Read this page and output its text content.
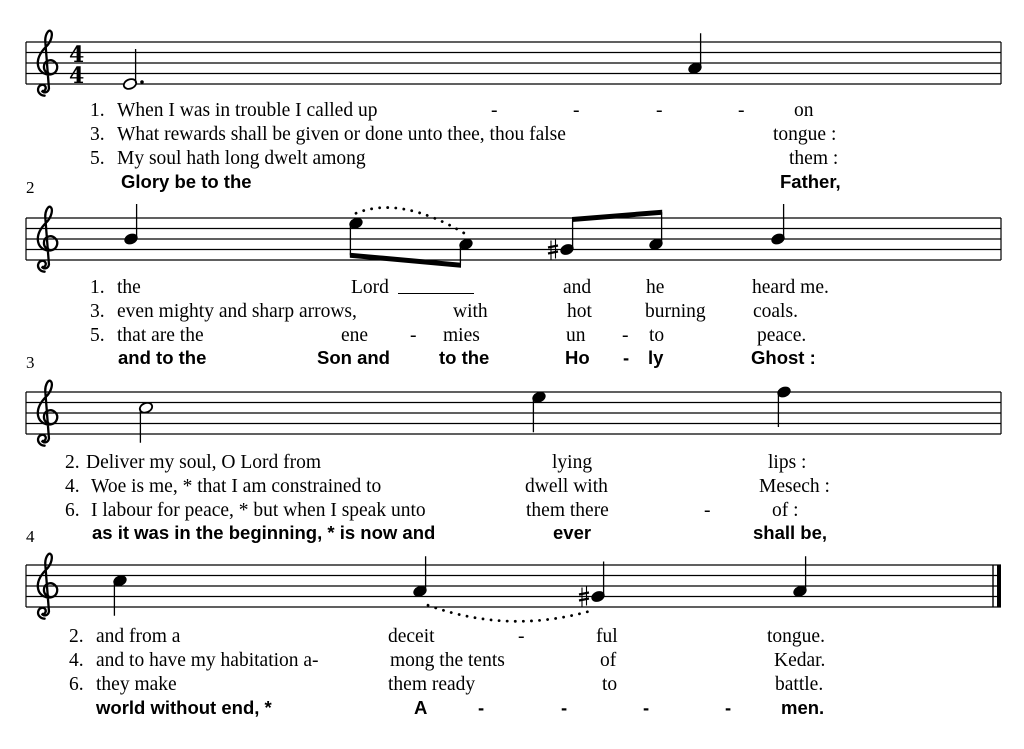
4
4
2
3
4
1. When I was in trouble I called up	-	-	-	-	on
3. What rewards shall be given or done unto thee, thou false	tongue :
5. My soul hath long dwelt among	them :
Glory be to the	Father,
1. the	Lord	and	he	heard me.
3. even mighty and sharp arrows,	with	hot	burning coals.
5. that are the	ene - mies	un - to	peace.
and to the	Son and	to the	Ho - ly	Ghost :
2. Deliver my soul, O Lord from	lying	lips :
4. Woe is me, * that I am constrained to	dwell with	Mesech :
6. I labour for peace, * but when I speak unto	them there	-	of :
as it was in the beginning, * is now and	ever	shall be,
2. and from a	deceit	-	ful	tongue.
4. and to have my habitation a-	mong the tents	of	Kedar.
6. they make	them ready	to	battle.
world without end, *	A	-	-	-	-	men.
